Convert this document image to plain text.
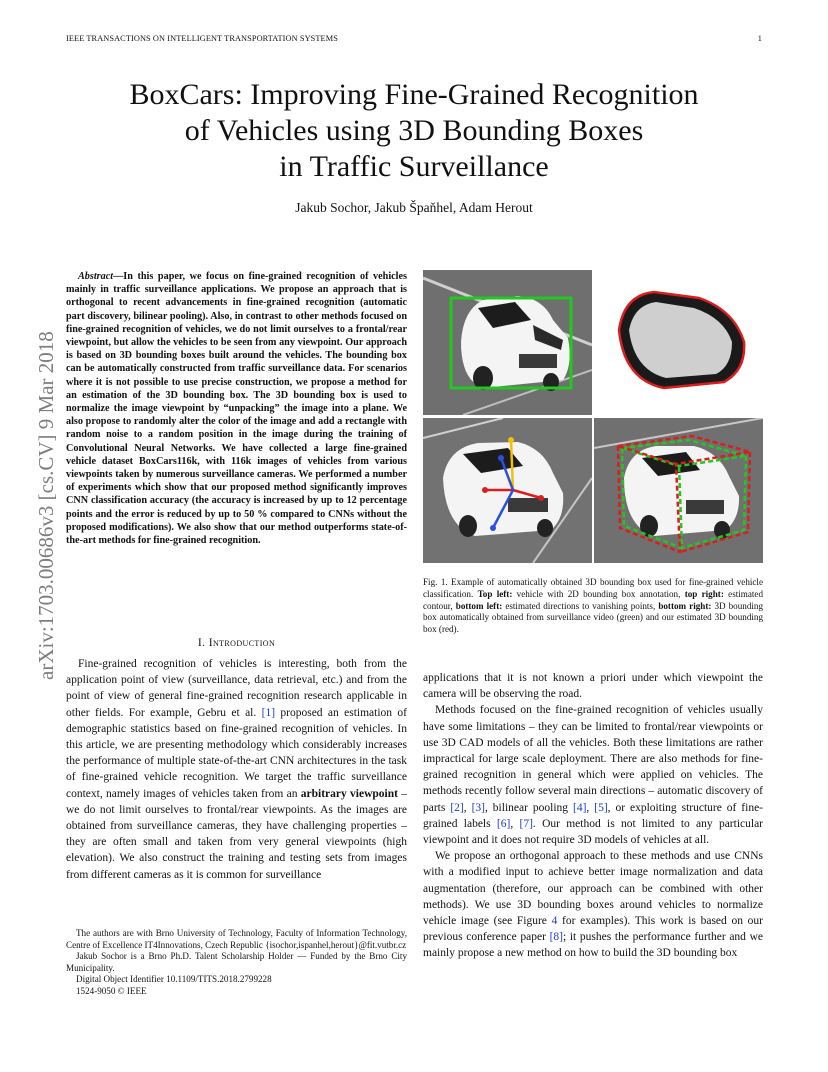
IEEE TRANSACTIONS ON INTELLIGENT TRANSPORTATION SYSTEMS	1
BoxCars: Improving Fine-Grained Recognition
of Vehicles using 3D Bounding Boxes
in Traffic Surveillance
Jakub Sochor, Jakub Špaňhel, Adam Herout
arXiv:1703.00686v3 [cs.CV] 9 Mar 2018
Abstract—In this paper, we focus on fine-grained recognition of vehicles mainly in traffic surveillance applications. We propose an approach that is orthogonal to recent advancements in fine-grained recognition (automatic part discovery, bilinear pooling). Also, in contrast to other methods focused on fine-grained recognition of vehicles, we do not limit ourselves to a frontal/rear viewpoint, but allow the vehicles to be seen from any viewpoint. Our approach is based on 3D bounding boxes built around the vehicles. The bounding box can be automatically constructed from traffic surveillance data. For scenarios where it is not possible to use precise construction, we propose a method for an estimation of the 3D bounding box. The 3D bounding box is used to normalize the image viewpoint by “unpacking” the image into a plane. We also propose to randomly alter the color of the image and add a rectangle with random noise to a random position in the image during the training of Convolutional Neural Networks. We have collected a large fine-grained vehicle dataset BoxCars116k, with 116k images of vehicles from various viewpoints taken by numerous surveillance cameras. We performed a number of experiments which show that our proposed method significantly improves CNN classification accuracy (the accuracy is increased by up to 12 percentage points and the error is reduced by up to 50 % compared to CNNs without the proposed modifications). We also show that our method outperforms state-of-the-art methods for fine-grained recognition.
I. Introduction
Fine-grained recognition of vehicles is interesting, both from the application point of view (surveillance, data retrieval, etc.) and from the point of view of general fine-grained recognition research applicable in other fields. For example, Gebru et al. [1] proposed an estimation of demographic statistics based on fine-grained recognition of vehicles. In this article, we are presenting methodology which considerably increases the performance of multiple state-of-the-art CNN architectures in the task of fine-grained vehicle recognition. We target the traffic surveillance context, namely images of vehicles taken from an arbitrary viewpoint – we do not limit ourselves to frontal/rear viewpoints. As the images are obtained from surveillance cameras, they have challenging properties – they are often small and taken from very general viewpoints (high elevation). We also construct the training and testing sets from images from different cameras as it is common for surveillance

The authors are with Brno University of Technology, Faculty of Information Technology, Centre of Excellence IT4Innovations, Czech Republic {isochor,ispanhel,herout}@fit.vutbr.cz

Jakub Sochor is a Brno Ph.D. Talent Scholarship Holder — Funded by the Brno City Municipality.

Digital Object Identifier 10.1109/TITS.2018.2799228

1524-9050 © IEEE

Fig. 1. Example of automatically obtained 3D bounding box used for fine-grained vehicle classification. Top left: vehicle with 2D bounding box annotation, top right: estimated contour, bottom left: estimated directions to vanishing points, bottom right: 3D bounding box automatically obtained from surveillance video (green) and our estimated 3D bounding box (red).

applications that it is not known a priori under which viewpoint the camera will be observing the road.

Methods focused on the fine-grained recognition of vehicles usually have some limitations – they can be limited to frontal/rear viewpoints or use 3D CAD models of all the vehicles. Both these limitations are rather impractical for large scale deployment. There are also methods for fine-grained recognition in general which were applied on vehicles. The methods recently follow several main directions – automatic discovery of parts [2], [3], bilinear pooling [4], [5], or exploiting structure of fine-grained labels [6], [7]. Our method is not limited to any particular viewpoint and it does not require 3D models of vehicles at all.

We propose an orthogonal approach to these methods and use CNNs with a modified input to achieve better image normalization and data augmentation (therefore, our approach can be combined with other methods). We use 3D bounding boxes around vehicles to normalize vehicle image (see Figure 4 for examples). This work is based on our previous conference paper [8]; it pushes the performance further and we mainly propose a new method on how to build the 3D bounding box
